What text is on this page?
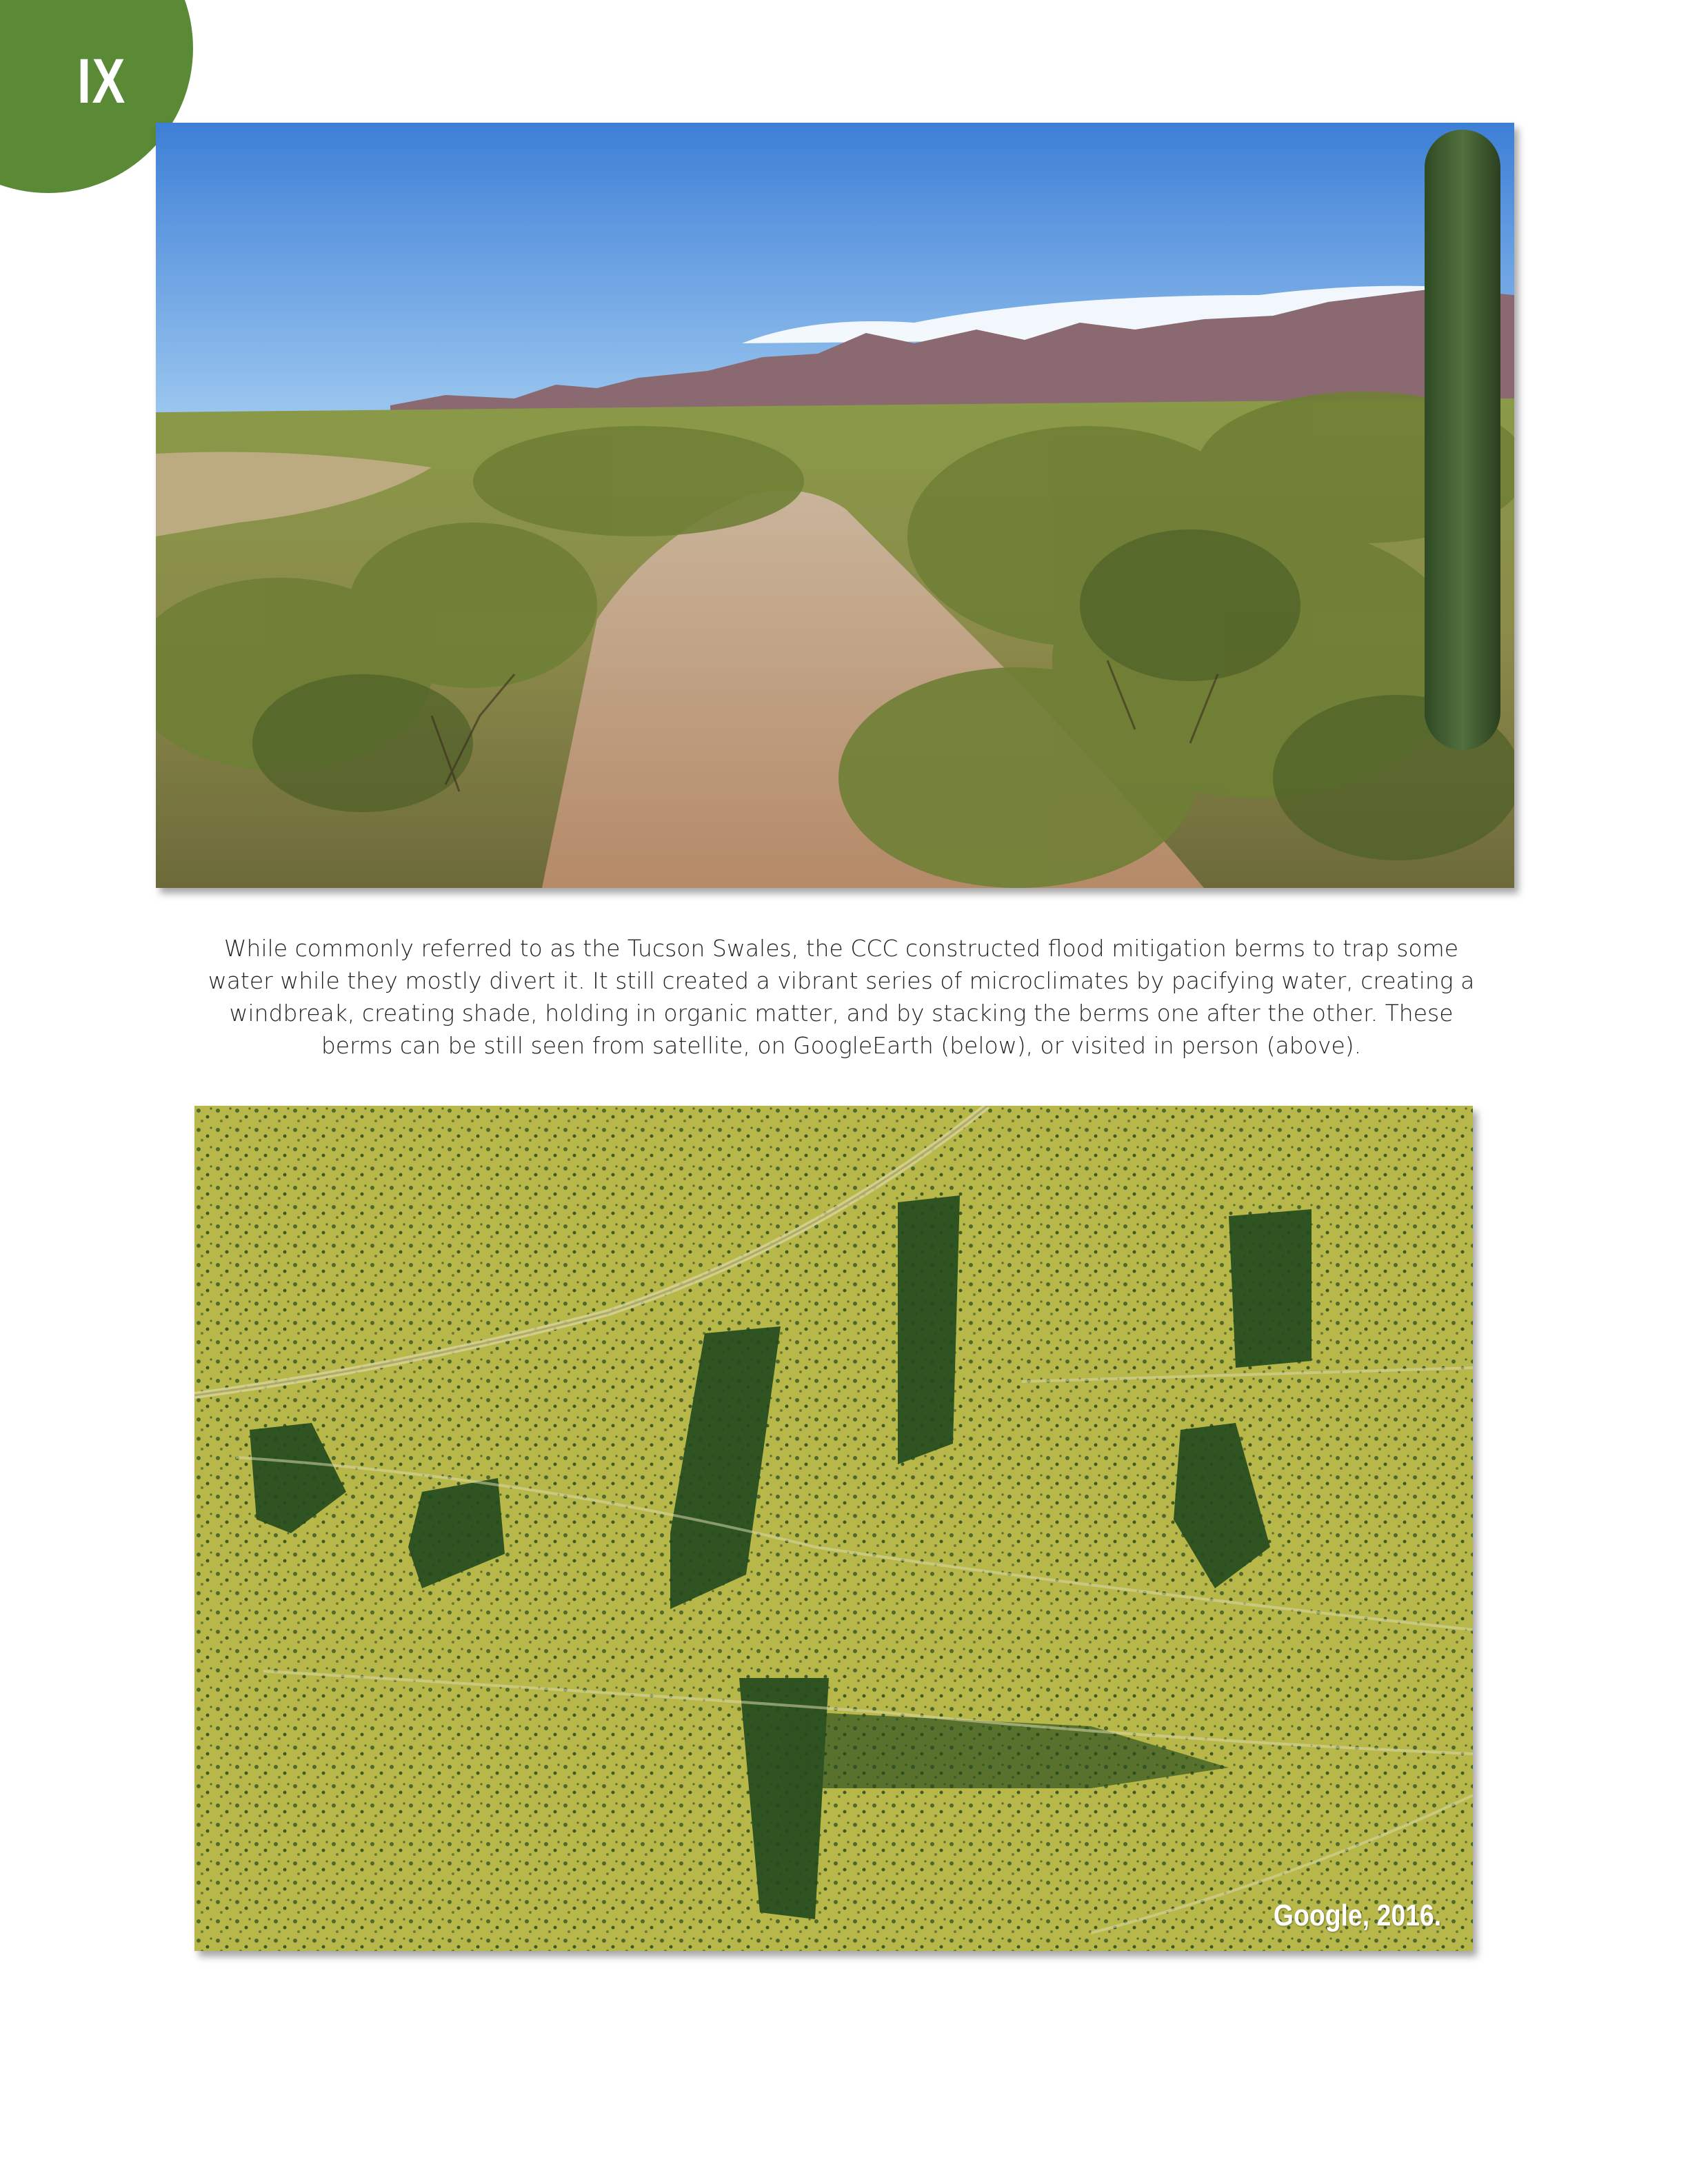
IX
While commonly referred to as the Tucson Swales, the CCC constructed flood mitigation berms to trap some water while they mostly divert it. It still created a vibrant series of microclimates by pacifying water, creating a windbreak, creating shade, holding in organic matter, and by stacking the berms one after the other. These berms can be still seen from satellite, on GoogleEarth (below), or visited in person (above).
Google, 2016.
